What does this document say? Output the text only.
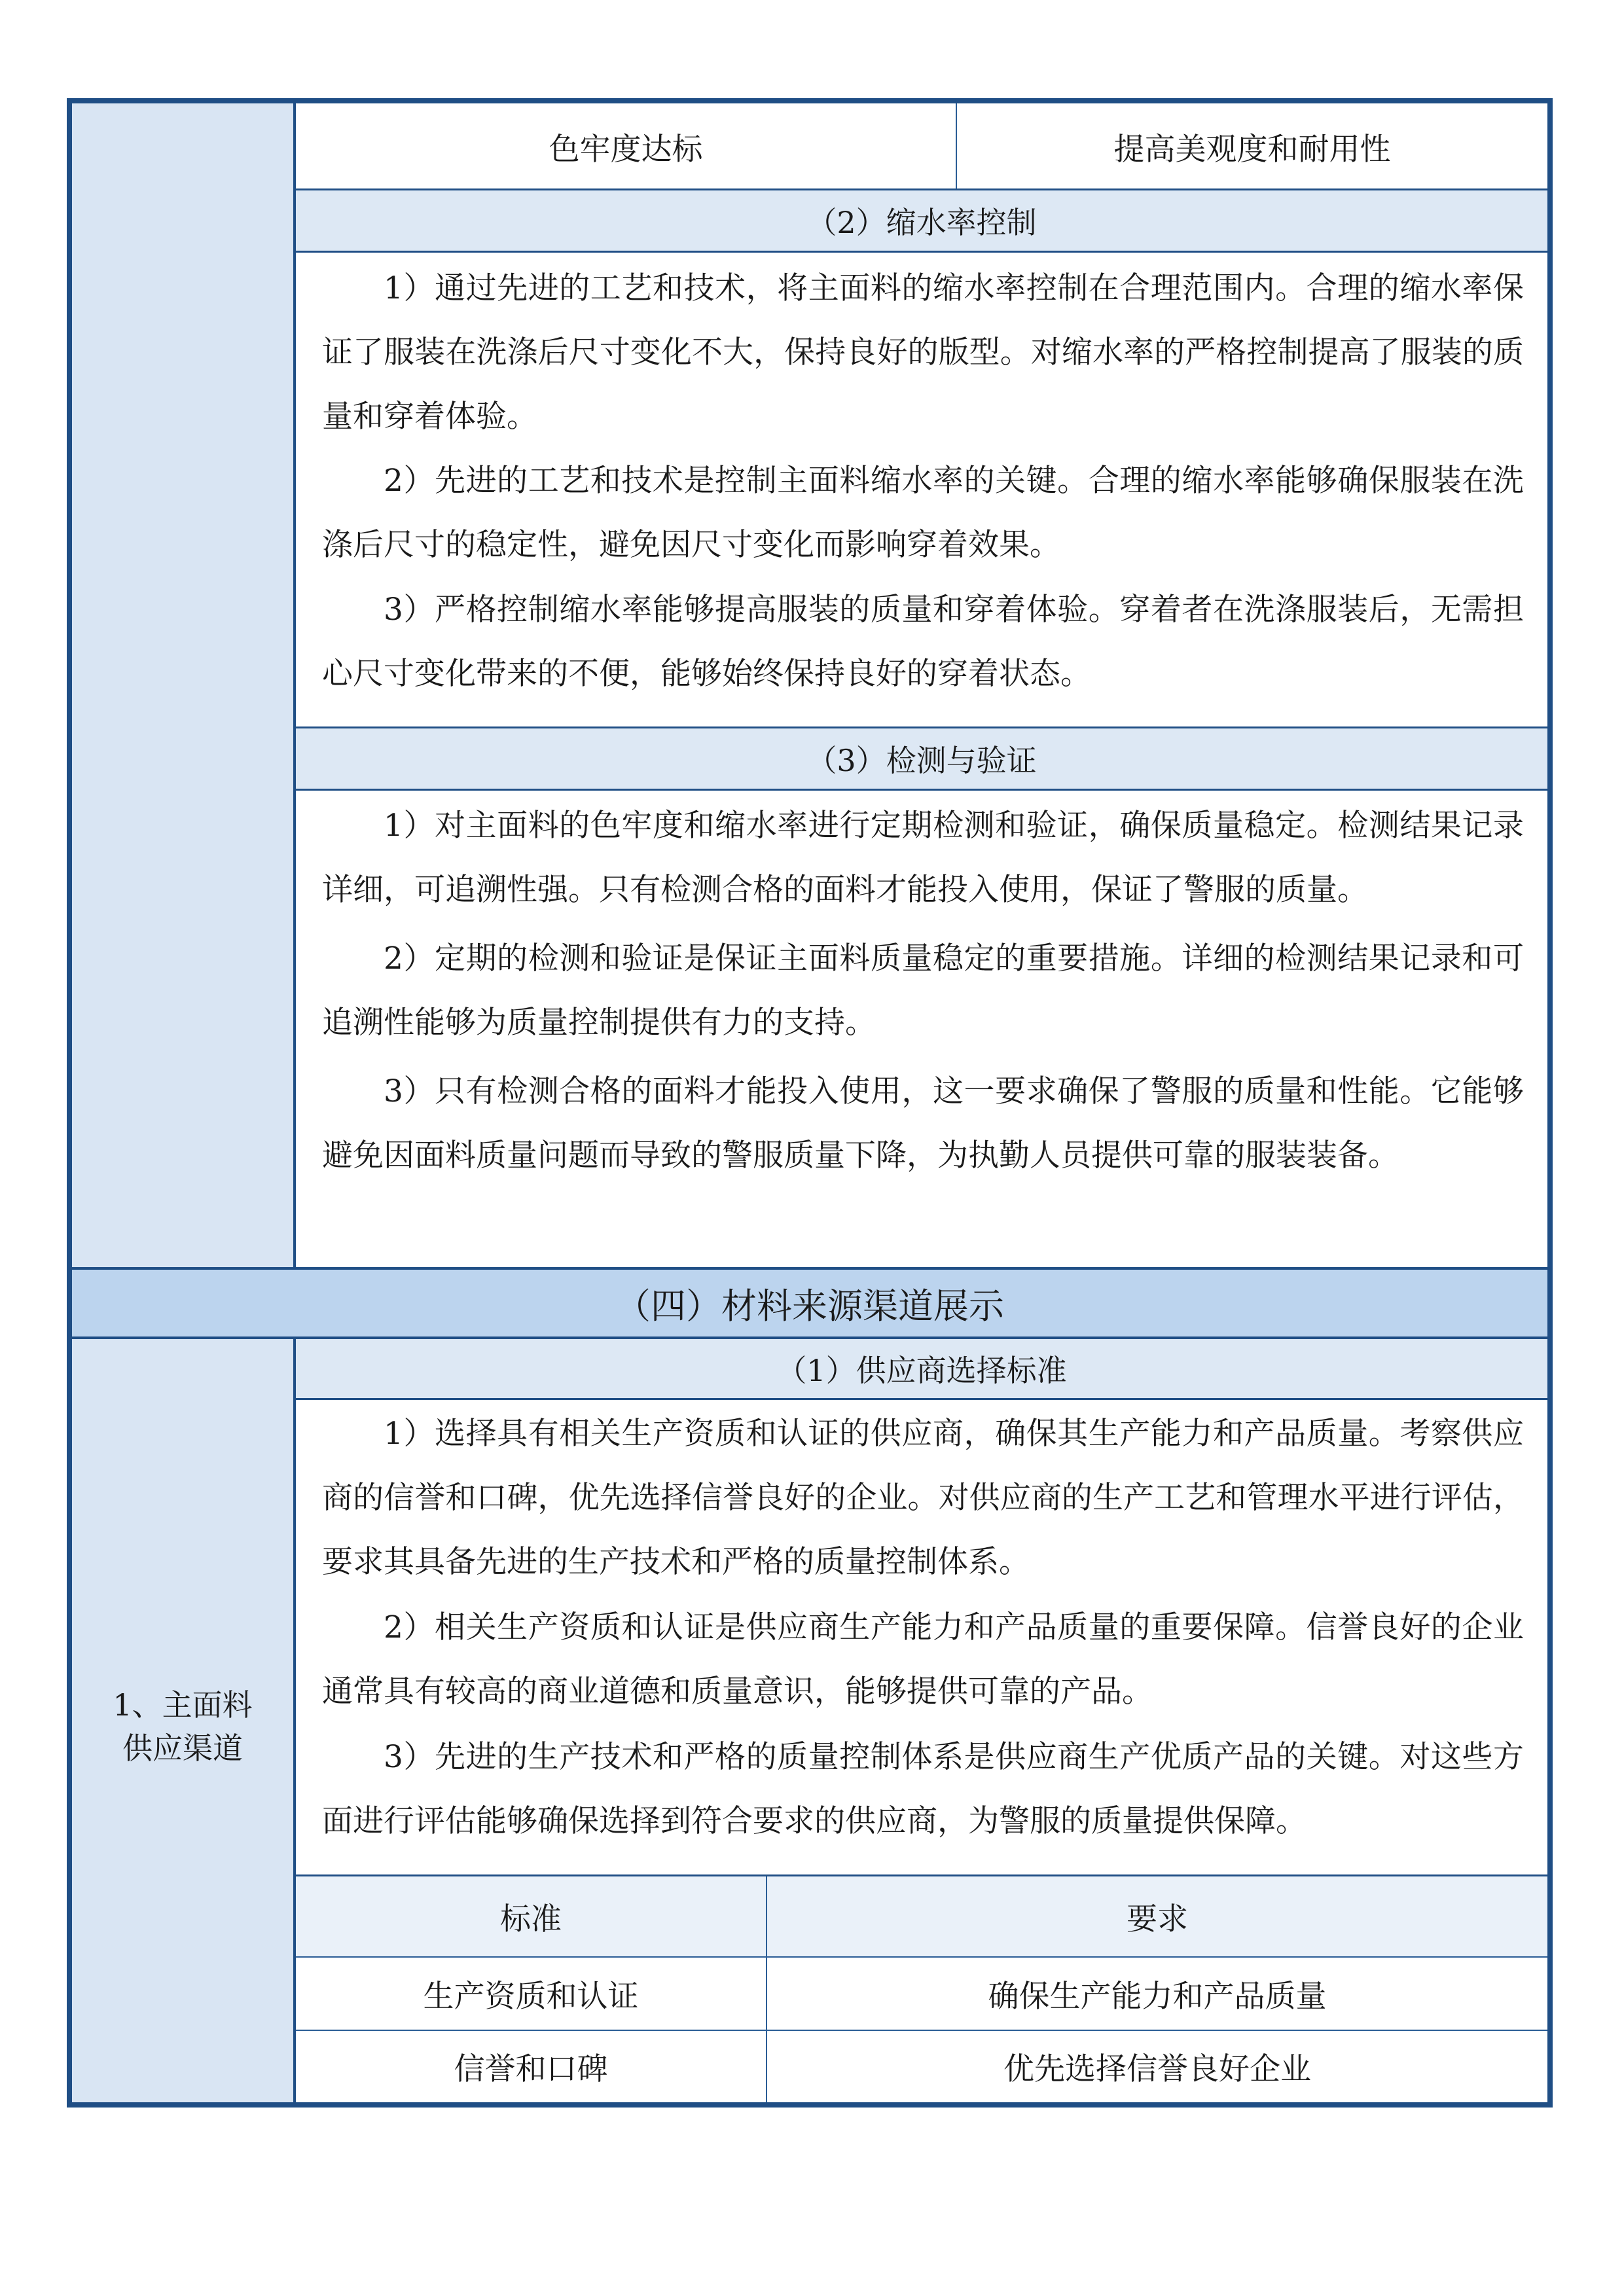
色牢度达标	提高美观度和耐用性
（2）缩水率控制

1）通过先进的工艺和技术，将主面料的缩水率控制在合理范围内。合理的缩水率保证了服装在洗涤后尺寸变化不大，保持良好的版型。对缩水率的严格控制提高了服装的质量和穿着体验。

2）先进的工艺和技术是控制主面料缩水率的关键。合理的缩水率能够确保服装在洗涤后尺寸的稳定性，避免因尺寸变化而影响穿着效果。

3）严格控制缩水率能够提高服装的质量和穿着体验。穿着者在洗涤服装后，无需担心尺寸变化带来的不便，能够始终保持良好的穿着状态。

（3）检测与验证

1）对主面料的色牢度和缩水率进行定期检测和验证，确保质量稳定。检测结果记录详细，可追溯性强。只有检测合格的面料才能投入使用，保证了警服的质量。

2）定期的检测和验证是保证主面料质量稳定的重要措施。详细的检测结果记录和可追溯性能够为质量控制提供有力的支持。

3）只有检测合格的面料才能投入使用，这一要求确保了警服的质量和性能。它能够避免因面料质量问题而导致的警服质量下降，为执勤人员提供可靠的服装装备。

（四）材料来源渠道展示
1、主面料
供应渠道
（1）供应商选择标准

1）选择具有相关生产资质和认证的供应商，确保其生产能力和产品质量。考察供应商的信誉和口碑，优先选择信誉良好的企业。对供应商的生产工艺和管理水平进行评估，要求其具备先进的生产技术和严格的质量控制体系。

2）相关生产资质和认证是供应商生产能力和产品质量的重要保障。信誉良好的企业通常具有较高的商业道德和质量意识，能够提供可靠的产品。

3）先进的生产技术和严格的质量控制体系是供应商生产优质产品的关键。对这些方面进行评估能够确保选择到符合要求的供应商，为警服的质量提供保障。

标准	要求
生产资质和认证	确保生产能力和产品质量
信誉和口碑	优先选择信誉良好企业
